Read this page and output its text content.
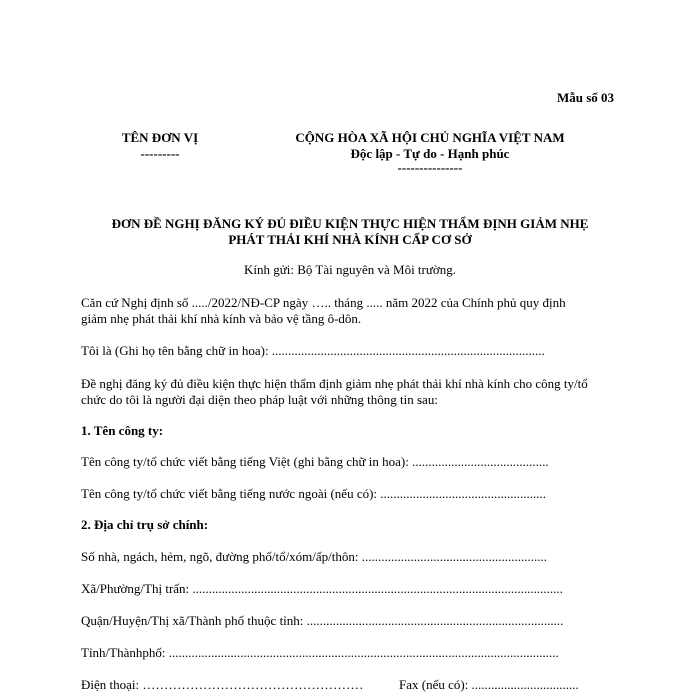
Mẫu số 03
TÊN ĐƠN VỊ
---------
CỘNG HÒA XÃ HỘI CHỦ NGHĨA VIỆT NAM
Độc lập - Tự do - Hạnh phúc
---------------
ĐƠN ĐỀ NGHỊ ĐĂNG KÝ ĐỦ ĐIỀU KIỆN THỰC HIỆN THẨM ĐỊNH GIẢM NHẸ
PHÁT THẢI KHÍ NHÀ KÍNH CẤP CƠ SỞ
Kính gửi: Bộ Tài nguyên và Môi trường.
Căn cứ Nghị định số ...../2022/NĐ-CP ngày ….. tháng ..... năm 2022 của Chính phủ quy định
giảm nhẹ phát thải khí nhà kính và bảo vệ tầng ô-dôn.
Tôi là (Ghi họ tên bằng chữ in hoa): ....................................................................................
Đề nghị đăng ký đủ điều kiện thực hiện thẩm định giảm nhẹ phát thải khí nhà kính cho công ty/tổ
chức do tôi là người đại diện theo pháp luật với những thông tin sau:
1. Tên công ty:
Tên công ty/tổ chức viết bằng tiếng Việt (ghi bằng chữ in hoa): ..........................................
Tên công ty/tổ chức viết bằng tiếng nước ngoài (nếu có): ...................................................
2. Địa chỉ trụ sở chính:
Số nhà, ngách, hẻm, ngõ, đường phố/tổ/xóm/ấp/thôn: .........................................................
Xã/Phường/Thị trấn: ..................................................................................................................
Quận/Huyện/Thị xã/Thành phố thuộc tỉnh: ...............................................................................
Tỉnh/Thànhphố: ........................................................................................................................
Điện thoại: ……………………………………………	Fax (nếu có): .................................
